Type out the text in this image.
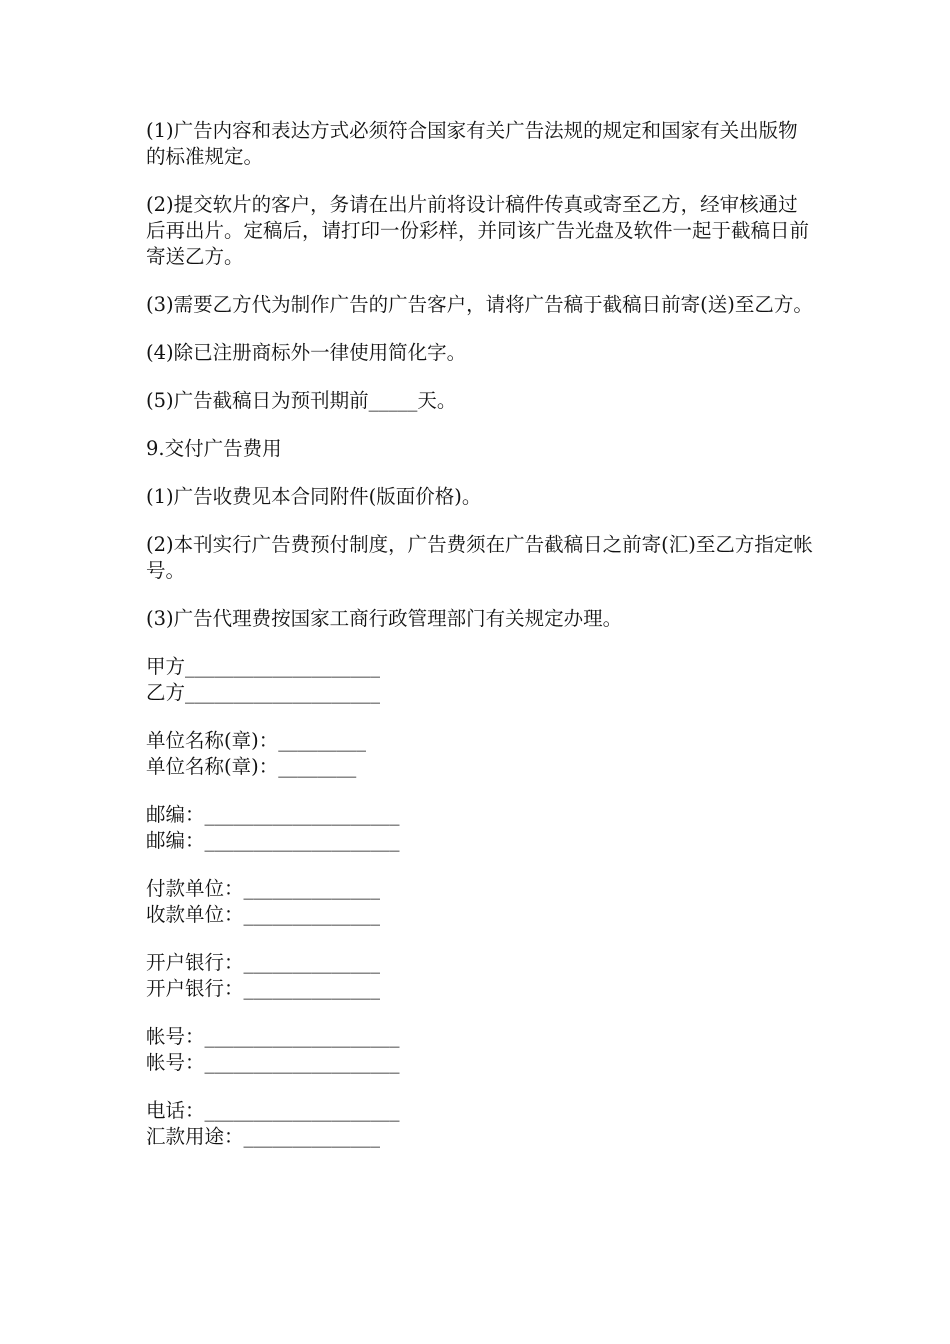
(1)广告内容和表达方式必须符合国家有关广告法规的规定和国家有关出版物的标准规定。

(2)提交软片的客户，务请在出片前将设计稿件传真或寄至乙方，经审核通过后再出片。定稿后，请打印一份彩样，并同该广告光盘及软件一起于截稿日前寄送乙方。

(3)需要乙方代为制作广告的广告客户，请将广告稿于截稿日前寄(送)至乙方。

(4)除已注册商标外一律使用简化字。

(5)广告截稿日为预刊期前_____天。

9.交付广告费用

(1)广告收费见本合同附件(版面价格)。

(2)本刊实行广告费预付制度，广告费须在广告截稿日之前寄(汇)至乙方指定帐号。

(3)广告代理费按国家工商行政管理部门有关规定办理。

甲方____________________
乙方____________________
单位名称(章)：_________
单位名称(章)：________
邮编：____________________
邮编：____________________
付款单位：______________
收款单位：______________
开户银行：______________
开户银行：______________
帐号：____________________
帐号：____________________
电话：____________________
汇款用途：______________
